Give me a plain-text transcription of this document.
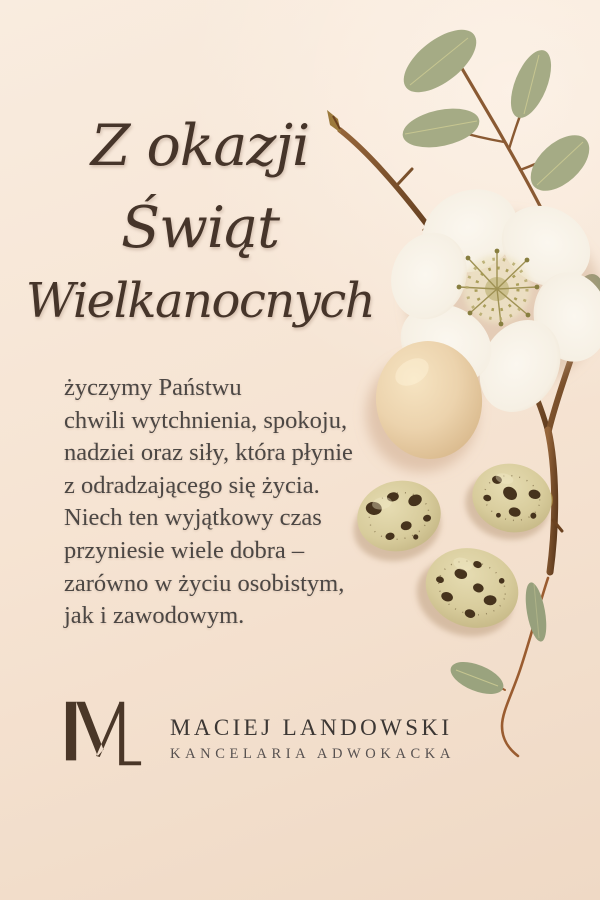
Z okazji
Świąt
Wielkanocnych
życzymy Państwu
chwili wytchnienia, spokoju,
nadziei oraz siły, która płynie
z odradzającego się życia.
Niech ten wyjątkowy czas
przyniesie wiele dobra –
zarówno w życiu osobistym,
jak i zawodowym.
MACIEJ LANDOWSKI
KANCELARIA ADWOKACKA
